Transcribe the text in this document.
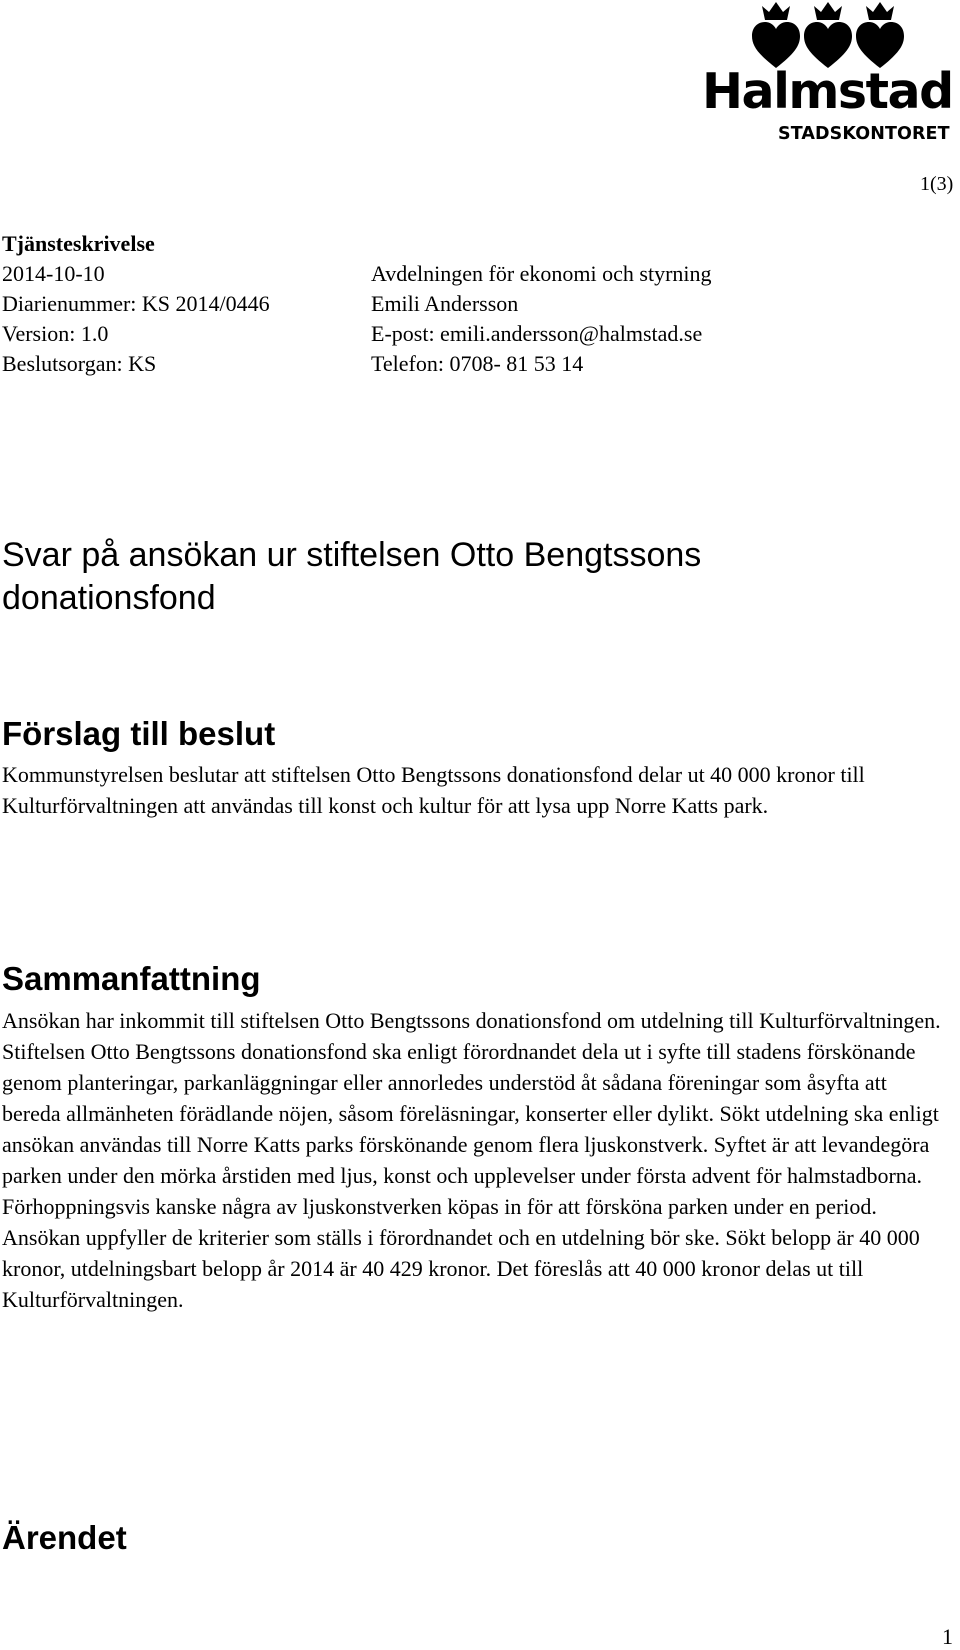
Halmstad
STADSKONTORET
1(3)
Tjänsteskrivelse
2014-10-10
Diarienummer: KS 2014/0446
Version: 1.0
Beslutsorgan: KS
Avdelningen för ekonomi och styrning
Emili Andersson
E-post: emili.andersson@halmstad.se
Telefon: 0708- 81 53 14
Svar på ansökan ur stiftelsen Otto Bengtssons donationsfond
Förslag till beslut
Kommunstyrelsen beslutar att stiftelsen Otto Bengtssons donationsfond delar ut 40 000 kronor till Kulturförvaltningen att användas till konst och kultur för att lysa upp Norre Katts park.
Sammanfattning
Ansökan har inkommit till stiftelsen Otto Bengtssons donationsfond om utdelning till Kulturförvaltningen. Stiftelsen Otto Bengtssons donationsfond ska enligt förordnandet dela ut i syfte till stadens förskönande genom planteringar, parkanläggningar eller annorledes understöd åt sådana föreningar som åsyfta att bereda allmänheten förädlande nöjen, såsom föreläsningar, konserter eller dylikt. Sökt utdelning ska enligt ansökan användas till Norre Katts parks förskönande genom flera ljuskonstverk. Syftet är att levandegöra parken under den mörka årstiden med ljus, konst och upplevelser under första advent för halmstadborna. Förhoppningsvis kanske några av ljuskonstverken köpas in för att försköna parken under en period. Ansökan uppfyller de kriterier som ställs i förordnandet och en utdelning bör ske. Sökt belopp är 40 000 kronor, utdelningsbart belopp år 2014 är 40 429 kronor. Det föreslås att 40 000 kronor delas ut till Kulturförvaltningen.
Ärendet
1
